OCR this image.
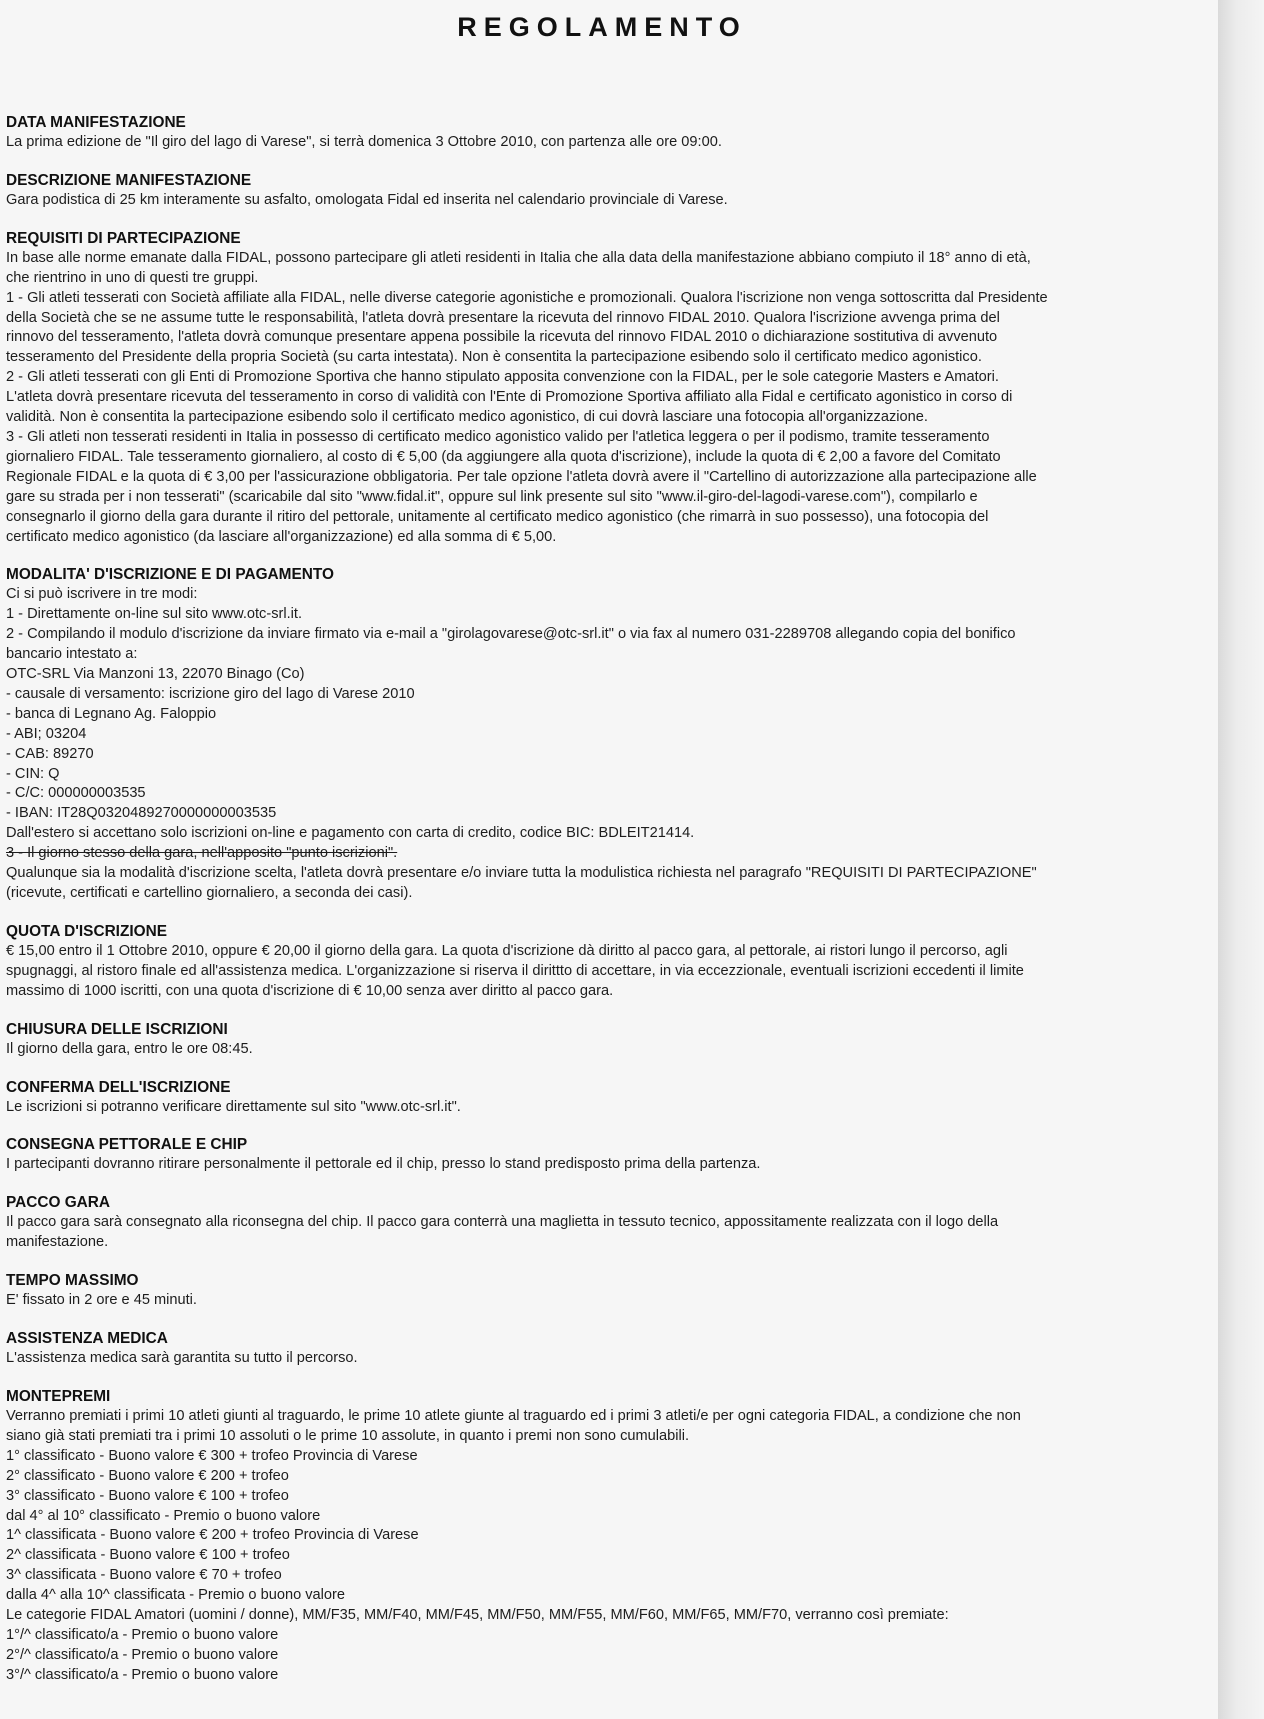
REGOLAMENTO
DATA MANIFESTAZIONE

La prima edizione de "Il giro del lago di Varese", si terrà domenica 3 Ottobre 2010, con partenza alle ore 09:00.

DESCRIZIONE MANIFESTAZIONE

Gara podistica di 25 km interamente su asfalto, omologata Fidal ed inserita nel calendario provinciale di Varese.

REQUISITI DI PARTECIPAZIONE

In base alle norme emanate dalla FIDAL, possono partecipare gli atleti residenti in Italia che alla data della manifestazione abbiano compiuto il 18° anno di età,

che rientrino in uno di questi tre gruppi.

1 - Gli atleti tesserati con Società affiliate alla FIDAL, nelle diverse categorie agonistiche e promozionali. Qualora l'iscrizione non venga sottoscritta dal Presidente

della Società che se ne assume tutte le responsabilità, l'atleta dovrà presentare la ricevuta del rinnovo FIDAL 2010. Qualora l'iscrizione avvenga prima del

rinnovo del tesseramento, l'atleta dovrà comunque presentare appena possibile la ricevuta del rinnovo FIDAL 2010 o dichiarazione sostitutiva di avvenuto

tesseramento del Presidente della propria Società (su carta intestata). Non è consentita la partecipazione esibendo solo il certificato medico agonistico.

2 - Gli atleti tesserati con gli Enti di Promozione Sportiva che hanno stipulato apposita convenzione con la FIDAL, per le sole categorie Masters e Amatori.

L'atleta dovrà presentare ricevuta del tesseramento in corso di validità con l'Ente di Promozione Sportiva affiliato alla Fidal e certificato agonistico in corso di

validità. Non è consentita la partecipazione esibendo solo il certificato medico agonistico, di cui dovrà lasciare una fotocopia all'organizzazione.

3 - Gli atleti non tesserati residenti in Italia in possesso di certificato medico agonistico valido per l'atletica leggera o per il podismo, tramite tesseramento

giornaliero FIDAL. Tale tesseramento giornaliero, al costo di € 5,00 (da aggiungere alla quota d'iscrizione), include la quota di € 2,00 a favore del Comitato

Regionale FIDAL e la quota di € 3,00 per l'assicurazione obbligatoria. Per tale opzione l'atleta dovrà avere il "Cartellino di autorizzazione alla partecipazione alle

gare su strada per i non tesserati" (scaricabile dal sito "www.fidal.it", oppure sul link presente sul sito "www.il-giro-del-lagodi-varese.com"), compilarlo e

consegnarlo il giorno della gara durante il ritiro del pettorale, unitamente al certificato medico agonistico (che rimarrà in suo possesso), una fotocopia del

certificato medico agonistico (da lasciare all'organizzazione) ed alla somma di € 5,00.

MODALITA' D'ISCRIZIONE E DI PAGAMENTO

Ci si può iscrivere in tre modi:

1 - Direttamente on-line sul sito www.otc-srl.it.

2 - Compilando il modulo d'iscrizione da inviare firmato via e-mail a "girolagovarese@otc-srl.it" o via fax al numero 031-2289708 allegando copia del bonifico

bancario intestato a:

OTC-SRL Via Manzoni 13, 22070 Binago (Co)

- causale di versamento: iscrizione giro del lago di Varese 2010

- banca di Legnano Ag. Faloppio

- ABI; 03204

- CAB: 89270

- CIN: Q

- C/C: 000000003535

- IBAN: IT28Q0320489270000000003535

Dall'estero si accettano solo iscrizioni on-line e pagamento con carta di credito, codice BIC: BDLEIT21414.

3 - Il giorno stesso della gara, nell'apposito "punto iscrizioni".

Qualunque sia la modalità d'iscrizione scelta, l'atleta dovrà presentare e/o inviare tutta la modulistica richiesta nel paragrafo "REQUISITI DI PARTECIPAZIONE"

(ricevute, certificati e cartellino giornaliero, a seconda dei casi).

QUOTA D'ISCRIZIONE

€ 15,00 entro il 1 Ottobre 2010, oppure € 20,00 il giorno della gara. La quota d'iscrizione dà diritto al pacco gara, al pettorale, ai ristori lungo il percorso, agli

spugnaggi, al ristoro finale ed all'assistenza medica. L'organizzazione si riserva il dirittto di accettare, in via eccezzionale, eventuali iscrizioni eccedenti il limite

massimo di 1000 iscritti, con una quota d'iscrizione di € 10,00 senza aver diritto al pacco gara.

CHIUSURA DELLE ISCRIZIONI

Il giorno della gara, entro le ore 08:45.

CONFERMA DELL'ISCRIZIONE

Le iscrizioni si potranno verificare direttamente sul sito "www.otc-srl.it".

CONSEGNA PETTORALE E CHIP

I partecipanti dovranno ritirare personalmente il pettorale ed il chip, presso lo stand predisposto prima della partenza.

PACCO GARA

Il pacco gara sarà consegnato alla riconsegna del chip. Il pacco gara conterrà una maglietta in tessuto tecnico, appossitamente realizzata con il logo della

manifestazione.

TEMPO MASSIMO

E' fissato in 2 ore e 45 minuti.

ASSISTENZA MEDICA

L'assistenza medica sarà garantita su tutto il percorso.

MONTEPREMI

Verranno premiati i primi 10 atleti giunti al traguardo, le prime 10 atlete giunte al traguardo ed i primi 3 atleti/e per ogni categoria FIDAL, a condizione che non

siano già stati premiati tra i primi 10 assoluti o le prime 10 assolute, in quanto i premi non sono cumulabili.

1° classificato - Buono valore € 300 + trofeo Provincia di Varese

2° classificato - Buono valore € 200 + trofeo

3° classificato - Buono valore € 100 + trofeo

dal 4° al 10° classificato - Premio o buono valore

1^ classificata - Buono valore € 200 + trofeo Provincia di Varese

2^ classificata - Buono valore € 100 + trofeo

3^ classificata - Buono valore € 70 + trofeo

dalla 4^ alla 10^ classificata - Premio o buono valore

Le categorie FIDAL Amatori (uomini / donne), MM/F35, MM/F40, MM/F45, MM/F50, MM/F55, MM/F60, MM/F65, MM/F70, verranno così premiate:

1°/^ classificato/a - Premio o buono valore

2°/^ classificato/a - Premio o buono valore

3°/^ classificato/a - Premio o buono valore
